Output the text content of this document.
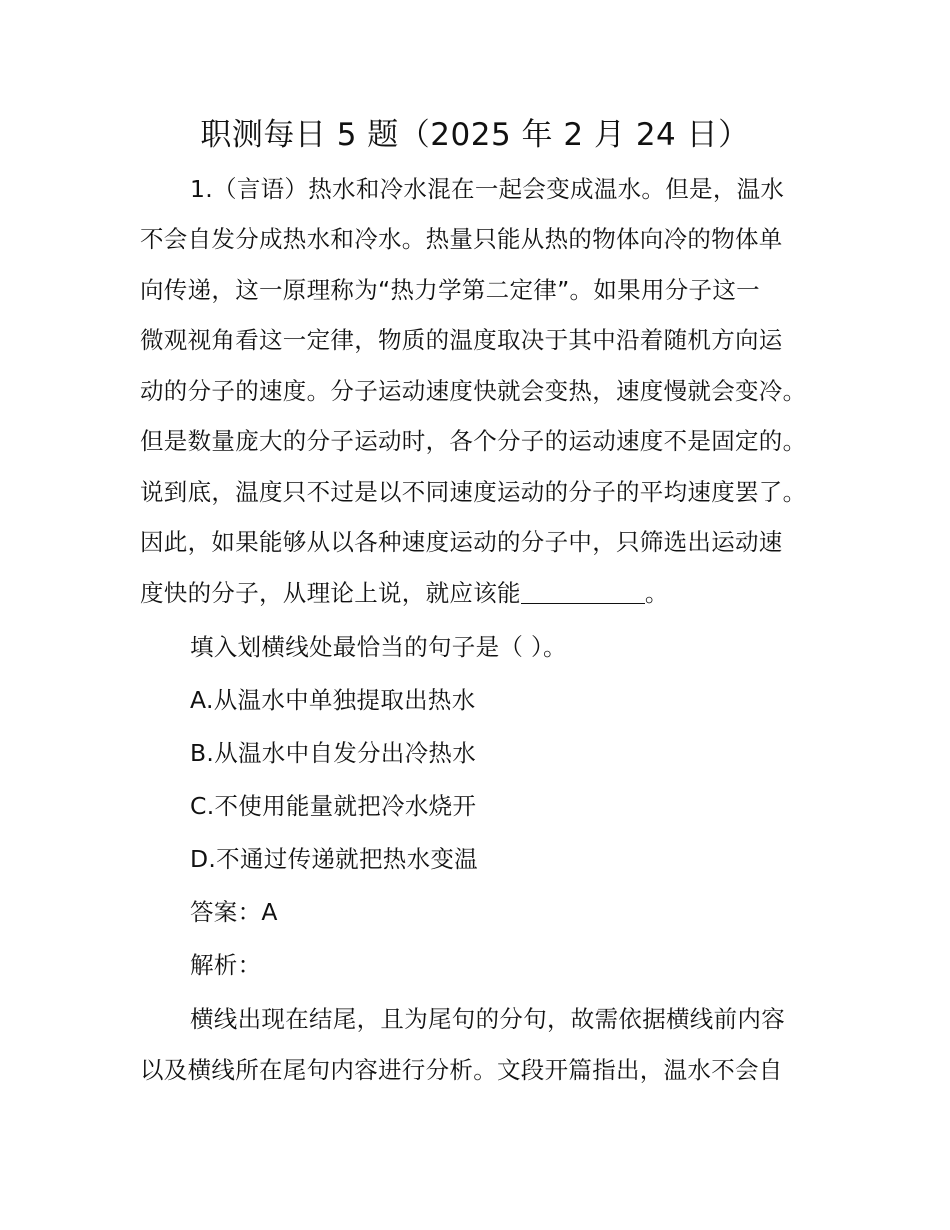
职测每日 5 题（2025 年 2 月 24 日）
1.（言语）热水和冷水混在一起会变成温水。但是，温水
不会自发分成热水和冷水。热量只能从热的物体向冷的物体单
向传递，这一原理称为“热力学第二定律”。如果用分子这一
微观视角看这一定律，物质的温度取决于其中沿着随机方向运
动的分子的速度。分子运动速度快就会变热，速度慢就会变冷。
但是数量庞大的分子运动时，各个分子的运动速度不是固定的。
说到底，温度只不过是以不同速度运动的分子的平均速度罢了。
因此，如果能够从以各种速度运动的分子中，只筛选出运动速
度快的分子，从理论上说，就应该能	。
填入划横线处最恰当的句子是（ ）。
A.从温水中单独提取出热水
B.从温水中自发分出冷热水
C.不使用能量就把冷水烧开
D.不通过传递就把热水变温
答案：A
解析：
横线出现在结尾，且为尾句的分句，故需依据横线前内容
以及横线所在尾句内容进行分析。文段开篇指出，温水不会自
